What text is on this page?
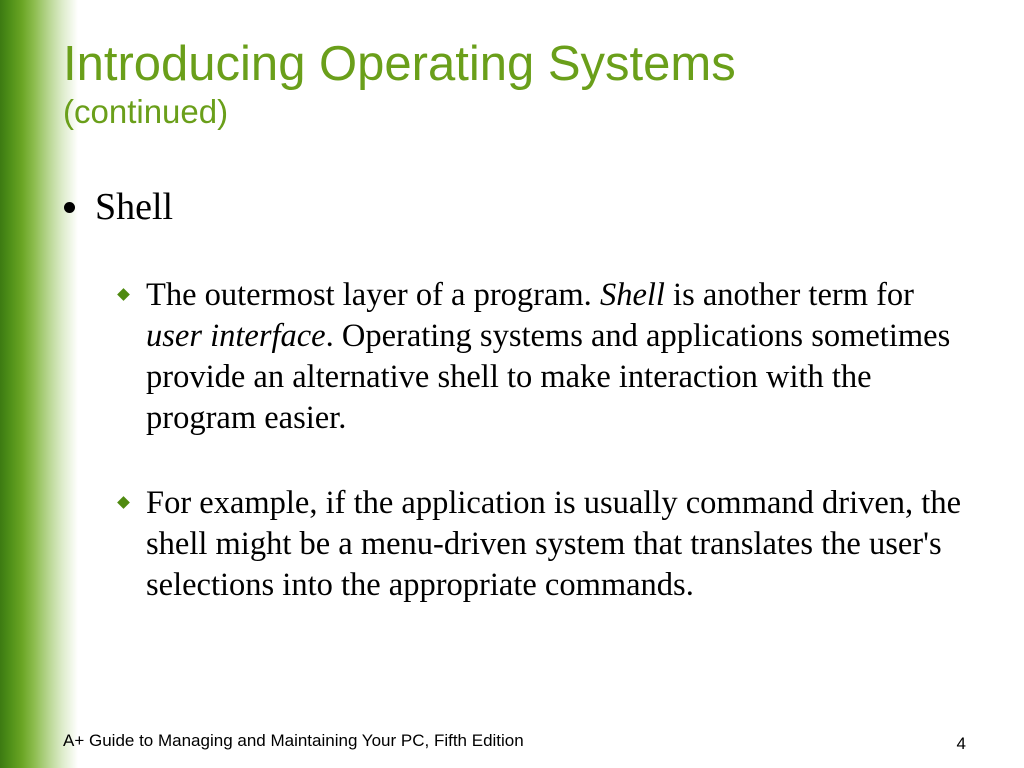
Introducing Operating Systems
(continued)
Shell
The outermost layer of a program. Shell is another term for user interface. Operating systems and applications sometimes provide an alternative shell to make interaction with the program easier.
For example, if the application is usually command driven, the shell might be a menu-driven system that translates the user's selections into the appropriate commands.
A+ Guide to Managing and Maintaining Your PC, Fifth Edition	4
